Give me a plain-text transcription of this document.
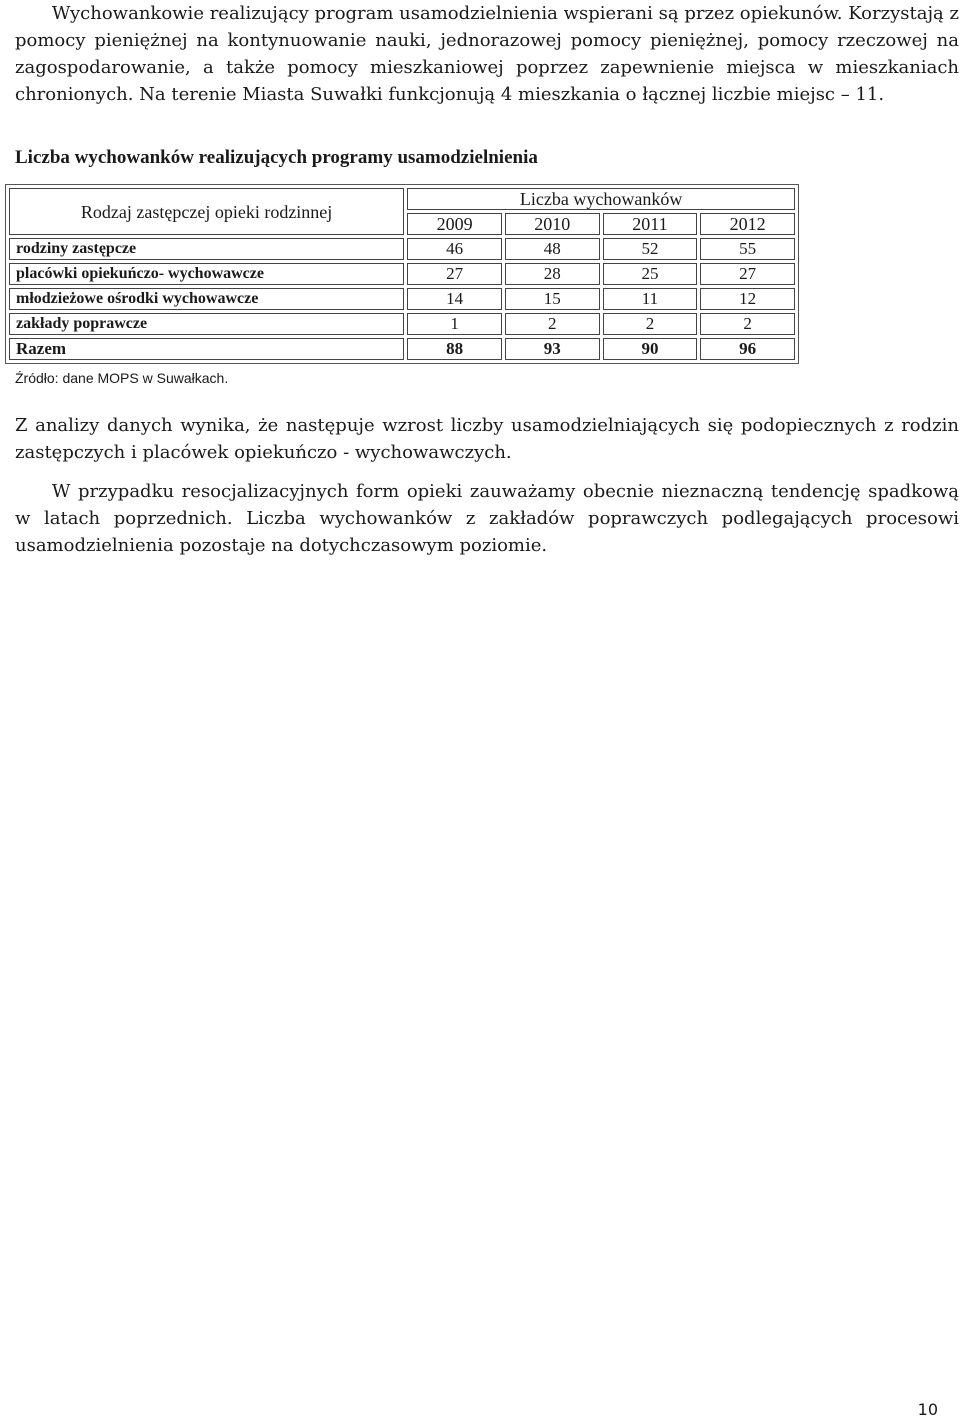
Wychowankowie realizujący program usamodzielnienia wspierani są przez opiekunów. Korzystają z pomocy pieniężnej na kontynuowanie nauki, jednorazowej pomocy pieniężnej, pomocy rzeczowej na zagospodarowanie, a także pomocy mieszkaniowej poprzez zapewnienie miejsca w mieszkaniach chronionych. Na terenie Miasta Suwałki funkcjonują 4 mieszkania o łącznej liczbie miejsc – 11.

Liczba wychowanków realizujących programy usamodzielnienia
Rodzaj zastępczej opieki rodzinnej	Liczba wychowanków			
	2009	2010	2011	2012
rodziny zastępcze	46	48	52	55
placówki opiekuńczo- wychowawcze	27	28	25	27
młodzieżowe ośrodki wychowawcze	14	15	11	12
zakłady poprawcze	1	2	2	2
Razem	88	93	90	96
Źródło: dane MOPS w Suwałkach.

Z analizy danych wynika, że następuje wzrost liczby usamodzielniających się podopiecznych z rodzin zastępczych i placówek opiekuńczo - wychowawczych.

W przypadku resocjalizacyjnych form opieki zauważamy obecnie nieznaczną tendencję spadkową w latach poprzednich. Liczba wychowanków z zakładów poprawczych podlegających procesowi usamodzielnienia pozostaje na dotychczasowym poziomie.

10
